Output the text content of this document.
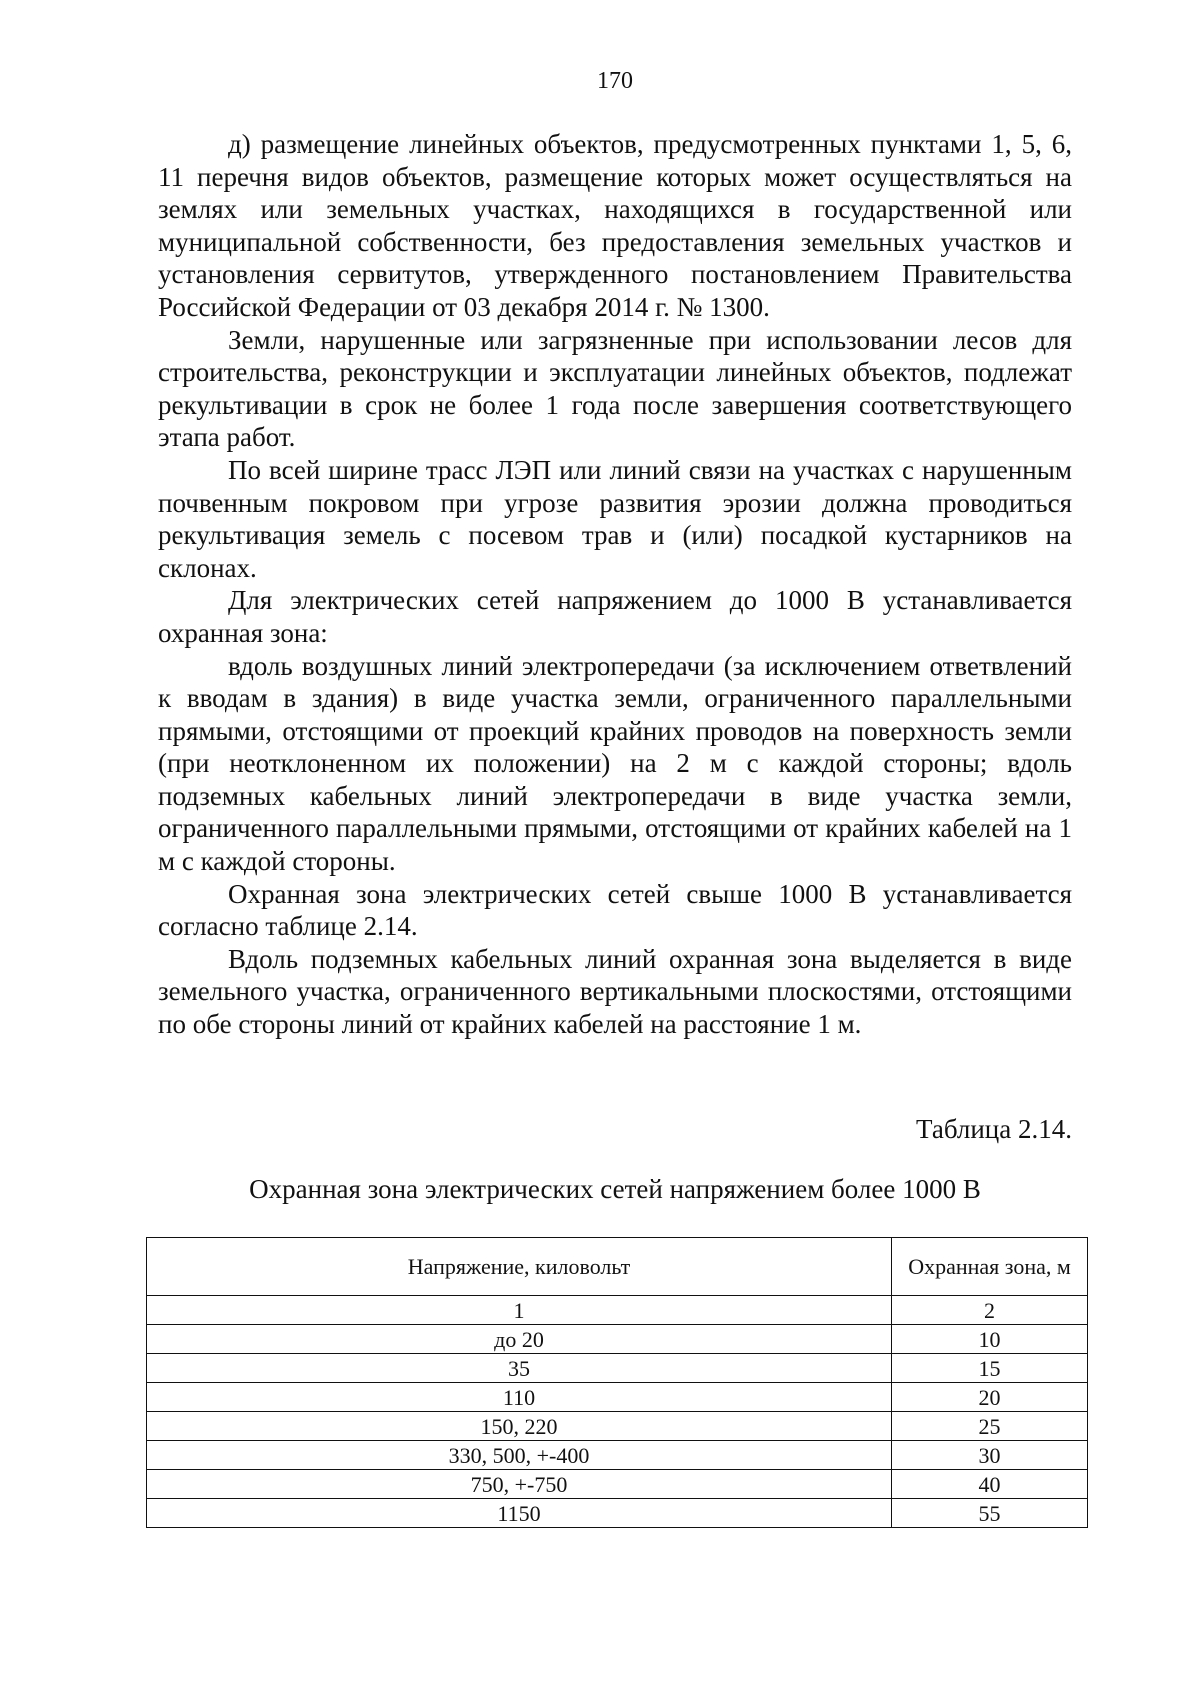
170

д) размещение линейных объектов, предусмотренных пунктами 1, 5, 6, 11 перечня видов объектов, размещение которых может осуществляться на землях или земельных участках, находящихся в государственной или муниципальной собственности, без предоставления земельных участков и установления сервитутов, утвержденного постановлением Правительства Российской Федерации от 03 декабря 2014 г. № 1300.

Земли, нарушенные или загрязненные при использовании лесов для строительства, реконструкции и эксплуатации линейных объектов, подлежат рекультивации в срок не более 1 года после завершения соответствующего этапа работ.

По всей ширине трасс ЛЭП или линий связи на участках с нарушенным почвенным покровом при угрозе развития эрозии должна проводиться рекультивация земель с посевом трав и (или) посадкой кустарников на склонах.

Для электрических сетей напряжением до 1000 В устанавливается охранная зона:

вдоль воздушных линий электропередачи (за исключением ответвлений к вводам в здания) в виде участка земли, ограниченного параллельными прямыми, отстоящими от проекций крайних проводов на поверхность земли (при неотклоненном их положении) на 2 м с каждой стороны; вдоль подземных кабельных линий электропередачи в виде участка земли, ограниченного параллельными прямыми, отстоящими от крайних кабелей на 1 м с каждой стороны.

Охранная зона электрических сетей свыше 1000 В устанавливается согласно таблице 2.14.

Вдоль подземных кабельных линий охранная зона выделяется в виде земельного участка, ограниченного вертикальными плоскостями, отстоящими по обе стороны линий от крайних кабелей на расстояние 1 м.

Таблица 2.14.
Охранная зона электрических сетей напряжением более 1000 В
Напряжение, киловольт	Охранная зона, м
1	2
до 20	10
35	15
110	20
150, 220	25
330, 500, +-400	30
750, +-750	40
1150	55
